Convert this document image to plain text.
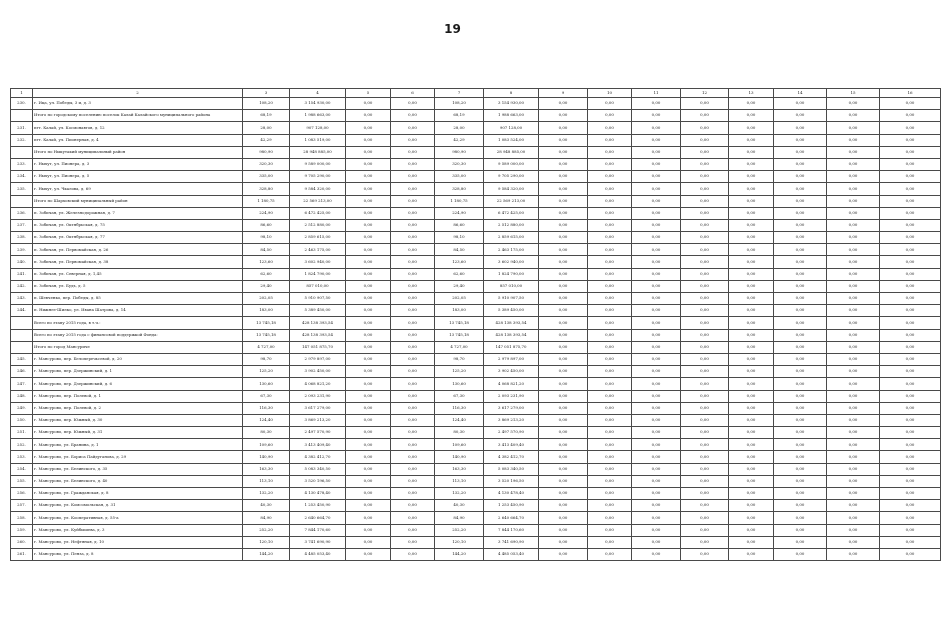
19
1	2	3	4	5	6	7	8	9	10	11	12	13	14	15	16
230.	г. Ица, ул. Победы, 3 и, д. 3	108,20	3 154 930,00	0,00	0,00	108,20	3 154 930,00	0,00	0,00	0,00	0,00	0,00	0,00	0,00	0,00
	Итого по городскому поселению поселок Калай Калайского муниципального района	68,19	1 988 663,00	0,00	0,00	68,19	1 988 663,00	0,00	0,00	0,00	0,00	0,00	0,00	0,00	0,00
231.	пгт. Калай, ул. Космонавтов, д. 12	28,00	907 128,00	0,00	0,00	28,00	907 128,00	0,00	0,00	0,00	0,00	0,00	0,00	0,00	0,00
232.	пгт. Калай, ул. Пионерная, д. 4	42,29	1 083 519,00	0,00	0,00	42,29	1 083 524,00	0,00	0,00	0,00	0,00	0,00	0,00	0,00	0,00
	Итого по Ныкутакий муниципальный район	980,90	28 948 885,00	0,00	0,00	980,90	28 948 885,00	0,00	0,00	0,00	0,00	0,00	0,00	0,00	0,00
233.	г. Ныхут, ул. Пионера, д. 3	320,30	9 589 000,00	0,00	0,00	320,30	9 589 000,00	0,00	0,00	0,00	0,00	0,00	0,00	0,00	0,00
234.	г. Ныхут, ул. Пионера, д. 5	335,00	9 705 290,00	0,00	0,00	335,00	9 705 290,00	0,00	0,00	0,00	0,00	0,00	0,00	0,00	0,00
235.	г. Ныхут, ул. Чкалова, д. 69	328,80	9 584 320,00	0,00	0,00	328,80	9 584 320,00	0,00	0,00	0,00	0,00	0,00	0,00	0,00	0,00
	Итого по Шарховский муниципальный район	1 180,75	22 569 213,00	0,00	0,00	1 180,75	22 569 213,00	0,00	0,00	0,00	0,00	0,00	0,00	0,00	0,00
236.	п. Зобичан, ул. Железнодорожная, д. 7	224,90	6 472 425,00	0,00	0,00	224,90	6 472 425,00	0,00	0,00	0,00	0,00	0,00	0,00	0,00	0,00
237.	п. Зобичан, ул. Октябрьская, д. 75	86,60	2 512 880,00	0,00	0,00	86,60	2 512 880,00	0,00	0,00	0,00	0,00	0,00	0,00	0,00	0,00
238.	п. Зобичан, ул. Октябрьская, д. 77	98,10	2 859 615,00	0,00	0,00	98,10	2 859 615,00	0,00	0,00	0,00	0,00	0,00	0,00	0,00	0,00
239.	п. Зобичан, ул. Первомайская, д. 26	84,50	2 463 175,00	0,00	0,00	84,50	2 463 175,00	0,00	0,00	0,00	0,00	0,00	0,00	0,00	0,00
240.	п. Зобичан, ул. Первомайская, д. 38	123,60	3 602 940,00	0,00	0,00	123,60	3 602 940,00	0,00	0,00	0,00	0,00	0,00	0,00	0,00	0,00
241.	п. Зобичан, ул. Северная, д. 1,45	62,60	1 824 790,00	0,00	0,00	62,60	1 824 790,00	0,00	0,00	0,00	0,00	0,00	0,00	0,00	0,00
242.	п. Зобичан, ул. Будь, д. 5	29,40	857 010,00	0,00	0,00	29,40	857 010,00	0,00	0,00	0,00	0,00	0,00	0,00	0,00	0,00
243.	п. Шевченко, пер. Победы, д. 85	202,05	5 910 907,50	0,00	0,00	202,05	5 910 907,50	0,00	0,00	0,00	0,00	0,00	0,00	0,00	0,00
244.	п. Нижнее-Шилко, ул. Ивана Шатрова, д. 14	183,00	5 389 450,00	0,00	0,00	183,00	5 389 450,00	0,00	0,00	0,00	0,00	0,00	0,00	0,00	0,00
	Всего по этапу 2015 года, в т.ч.:	13 745,18	428 138 393,54	0,00	0,00	13 745,18	428 138 393,54	0,00	0,00	0,00	0,00	0,00	0,00	0,00	0,00
	Всего по этапу 2015 года с финансовой поддержкой Фонда:	13 745,18	428 138 393,54	0,00	0,00	13 745,18	428 138 393,54	0,00	0,00	0,00	0,00	0,00	0,00	0,00	0,00
	Итого по город Мансуриче	4 727,00	147 051 875,70	0,00	0,00	4 727,00	147 051 875,70	0,00	0,00	0,00	0,00	0,00	0,00	0,00	0,00
245.	г. Мансурово, пер. Белоперечьсевой, д. 20	98,70	2 979 897,00	0,00	0,00	98,70	2 979 897,00	0,00	0,00	0,00	0,00	0,00	0,00	0,00	0,00
246.	г. Мансурово, пер. Дзержинский, д. 1	125,20	3 902 450,00	0,00	0,00	125,20	3 902 450,00	0,00	0,00	0,00	0,00	0,00	0,00	0,00	0,00
247.	г. Мансурово, пер. Дзержинский, д. 6	130,60	4 068 821,20	0,00	0,00	130,60	4 068 821,20	0,00	0,00	0,00	0,00	0,00	0,00	0,00	0,00
248.	г. Мансурово, пер. Полевой, д. 1	67,30	2 093 231,90	0,00	0,00	67,30	2 093 231,90	0,00	0,00	0,00	0,00	0,00	0,00	0,00	0,00
249.	г. Мансурово, пер. Полевой, д. 2	116,30	3 617 279,00	0,00	0,00	116,30	3 617 279,00	0,00	0,00	0,00	0,00	0,00	0,00	0,00	0,00
250.	г. Мансурово, пер. Южный, д. 30	124,40	3 869 213,20	0,00	0,00	124,40	3 869 213,20	0,00	0,00	0,00	0,00	0,00	0,00	0,00	0,00
251.	г. Мансурово, пер. Южный, д. 31	80,30	2 497 570,90	0,00	0,00	80,30	2 497 570,90	0,00	0,00	0,00	0,00	0,00	0,00	0,00	0,00
252.	г. Мансурово, ул. Бранина, д. 1	109,60	3 413 409,40	0,00	0,00	109,60	3 413 409,40	0,00	0,00	0,00	0,00	0,00	0,00	0,00	0,00
253.	г. Мансурово, ул. Бориса Пайдуганова, д. 29	140,90	4 382 412,70	0,00	0,00	140,90	4 382 412,70	0,00	0,00	0,00	0,00	0,00	0,00	0,00	0,00
254.	г. Мансурово, ул. Белинского, д. 35	163,30	5 083 340,50	0,00	0,00	163,30	5 083 340,50	0,00	0,00	0,00	0,00	0,00	0,00	0,00	0,00
255.	г. Мансурово, ул. Белинского, д. 40	113,10	3 520 196,50	0,00	0,00	113,10	3 520 196,50	0,00	0,00	0,00	0,00	0,00	0,00	0,00	0,00
256.	г. Мансурово, ул. Гражданская, д. 8	132,20	4 130 478,40	0,00	0,00	132,20	4 130 478,40	0,00	0,00	0,00	0,00	0,00	0,00	0,00	0,00
257.	г. Мансурово, ул. Комсомольская, д. 31	40,30	1 253 450,90	0,00	0,00	40,30	1 253 450,90	0,00	0,00	0,00	0,00	0,00	0,00	0,00	0,00
258.	г. Мансурово, ул. Кооперативная, д. 55-а	84,90	2 640 664,70	0,00	0,00	84,90	2 640 664,70	0,00	0,00	0,00	0,00	0,00	0,00	0,00	0,00
259.	г. Мансурово, ул. Куйбышева, д. 3	252,20	7 844 170,60	0,00	0,00	252,20	7 844 170,60	0,00	0,00	0,00	0,00	0,00	0,00	0,00	0,00
260.	г. Мансурово, ул. Нефтяная, д. 10	120,10	3 741 690,90	0,00	0,00	120,10	3 741 690,90	0,00	0,00	0,00	0,00	0,00	0,00	0,00	0,00
261.	г. Мансурово, ул. Пенза, д. 8	144,20	4 485 053,40	0,00	0,00	144,20	4 485 053,40	0,00	0,00	0,00	0,00	0,00	0,00	0,00	0,00
